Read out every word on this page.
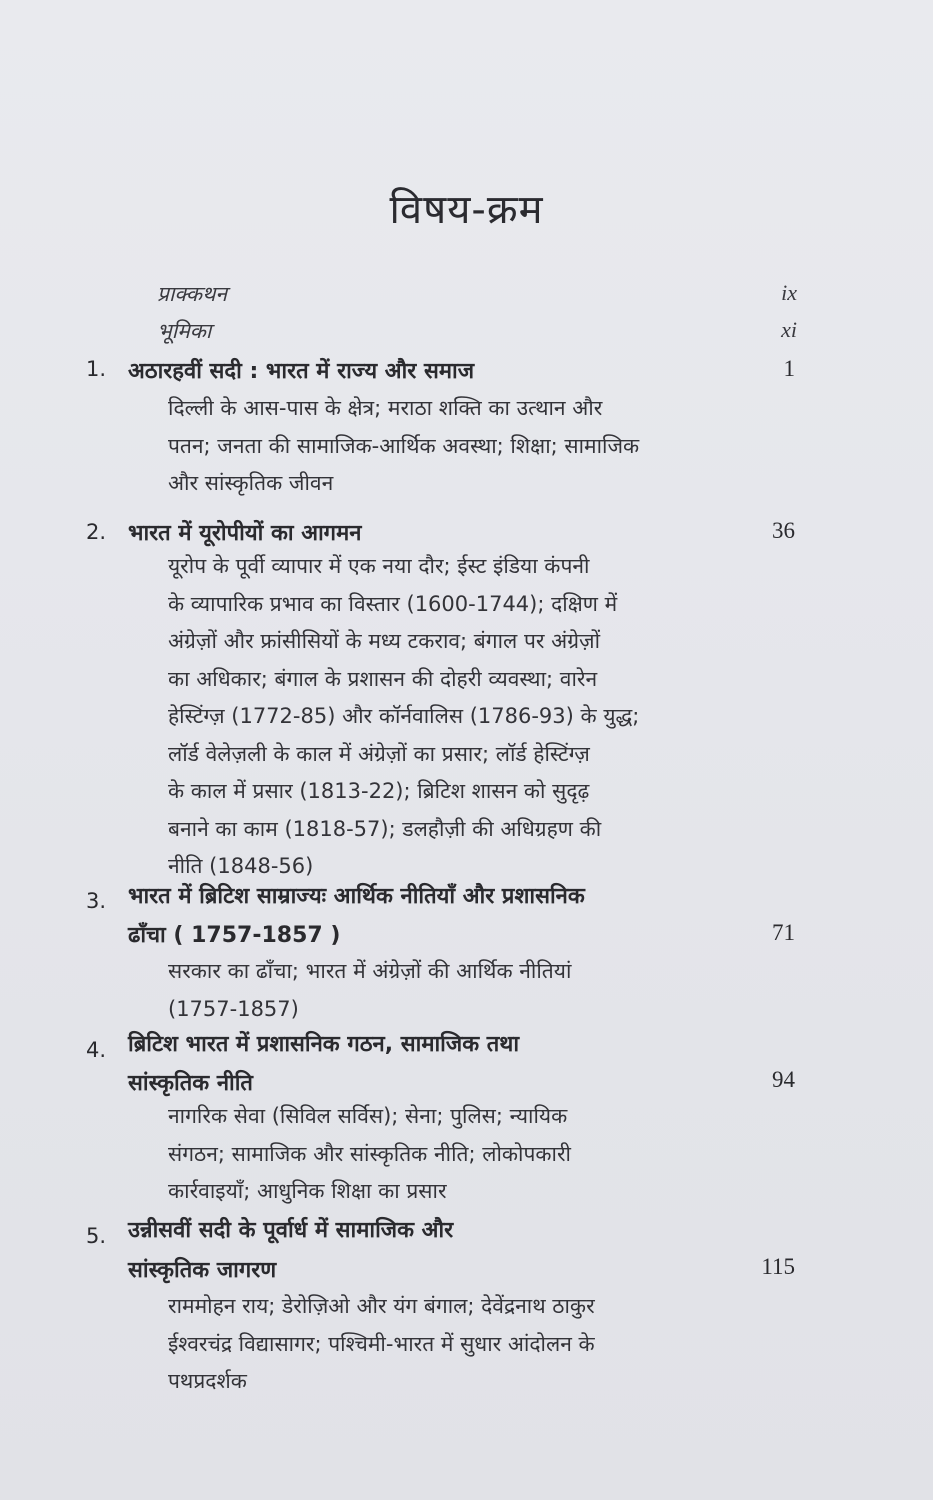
विषय-क्रम
प्राक्कथन	ix
भूमिका	xi
1. अठारहवीं सदी : भारत में राज्य और समाज	1
दिल्ली के आस-पास के क्षेत्र; मराठा शक्ति का उत्थान और
पतन; जनता की सामाजिक-आर्थिक अवस्था; शिक्षा; सामाजिक
और सांस्कृतिक जीवन
2. भारत में यूरोपीयों का आगमन	36
यूरोप के पूर्वी व्यापार में एक नया दौर; ईस्ट इंडिया कंपनी
के व्यापारिक प्रभाव का विस्तार (1600-1744); दक्षिण में
अंग्रेज़ों और फ्रांसीसियों के मध्य टकराव; बंगाल पर अंग्रेज़ों
का अधिकार; बंगाल के प्रशासन की दोहरी व्यवस्था; वारेन
हेस्टिंग्ज़ (1772-85) और कॉर्नवालिस (1786-93) के युद्ध;
लॉर्ड वेलेज़ली के काल में अंग्रेज़ों का प्रसार; लॉर्ड हेस्टिंग्ज़
के काल में प्रसार (1813-22); ब्रिटिश शासन को सुदृढ़
बनाने का काम (1818-57); डलहौज़ी की अधिग्रहण की
नीति (1848-56)
3. भारत में ब्रिटिश साम्राज्यः आर्थिक नीतियाँ और प्रशासनिक
ढाँचा ( 1757-1857 )	71
सरकार का ढाँचा; भारत में अंग्रेज़ों की आर्थिक नीतियां
(1757-1857)
4. ब्रिटिश भारत में प्रशासनिक गठन, सामाजिक तथा
सांस्कृतिक नीति	94
नागरिक सेवा (सिविल सर्विस); सेना; पुलिस; न्यायिक
संगठन; सामाजिक और सांस्कृतिक नीति; लोकोपकारी
कार्रवाइयाँ; आधुनिक शिक्षा का प्रसार
5. उन्नीसवीं सदी के पूर्वार्ध में सामाजिक और
सांस्कृतिक जागरण	115
राममोहन राय; डेरोज़िओ और यंग बंगाल; देवेंद्रनाथ ठाकुर
ईश्वरचंद्र विद्यासागर; पश्चिमी-भारत में सुधार आंदोलन के
पथप्रदर्शक
